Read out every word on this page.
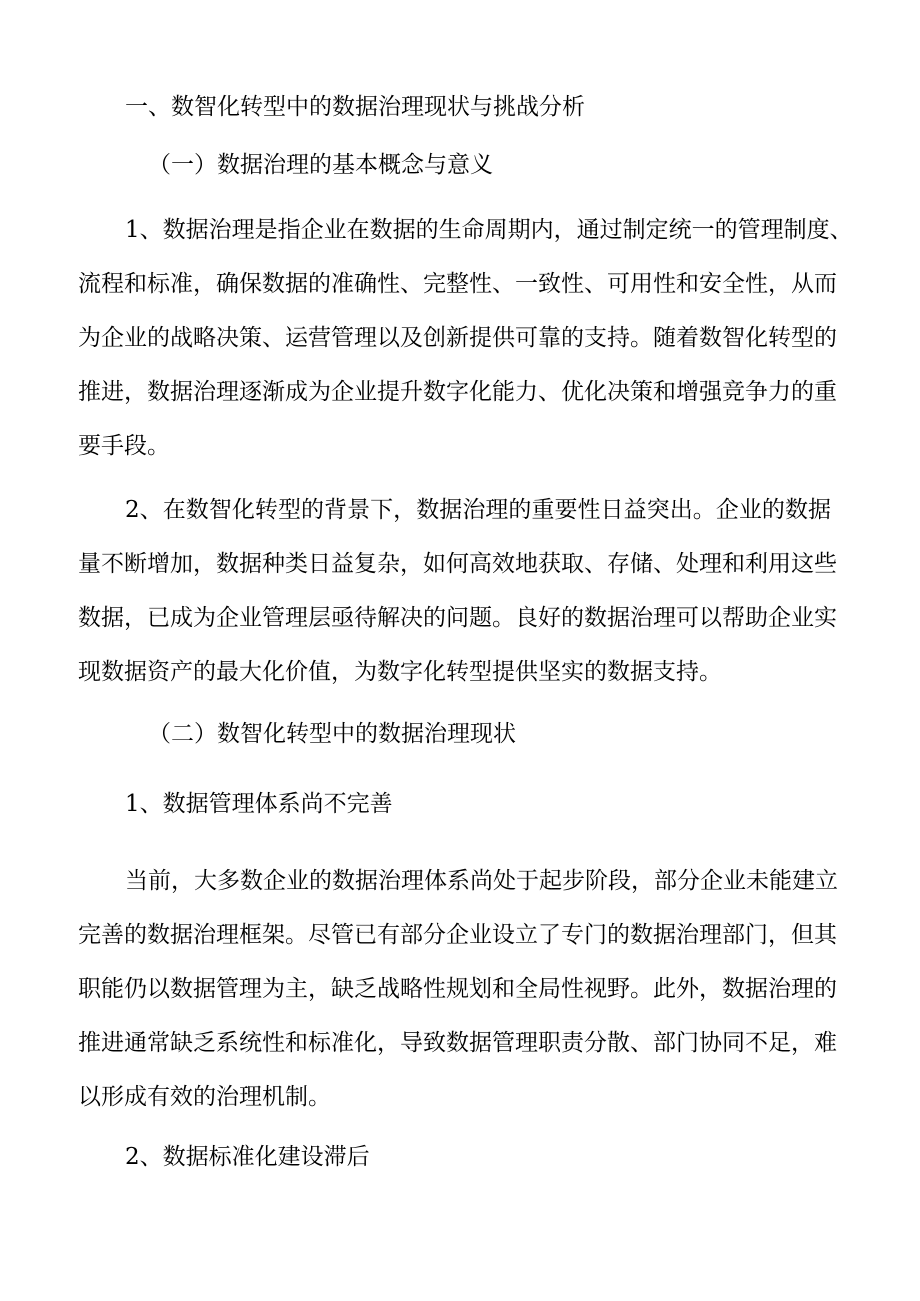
一、数智化转型中的数据治理现状与挑战分析

（一）数据治理的基本概念与意义

1、数据治理是指企业在数据的生命周期内，通过制定统一的管理制度、

流程和标准，确保数据的准确性、完整性、一致性、可用性和安全性，从而

为企业的战略决策、运营管理以及创新提供可靠的支持。随着数智化转型的

推进，数据治理逐渐成为企业提升数字化能力、优化决策和增强竞争力的重

要手段。

2、在数智化转型的背景下，数据治理的重要性日益突出。企业的数据

量不断增加，数据种类日益复杂，如何高效地获取、存储、处理和利用这些

数据，已成为企业管理层亟待解决的问题。良好的数据治理可以帮助企业实

现数据资产的最大化价值，为数字化转型提供坚实的数据支持。

（二）数智化转型中的数据治理现状

1、数据管理体系尚不完善

当前，大多数企业的数据治理体系尚处于起步阶段，部分企业未能建立

完善的数据治理框架。尽管已有部分企业设立了专门的数据治理部门，但其

职能仍以数据管理为主，缺乏战略性规划和全局性视野。此外，数据治理的

推进通常缺乏系统性和标准化，导致数据管理职责分散、部门协同不足，难

以形成有效的治理机制。

2、数据标准化建设滞后
